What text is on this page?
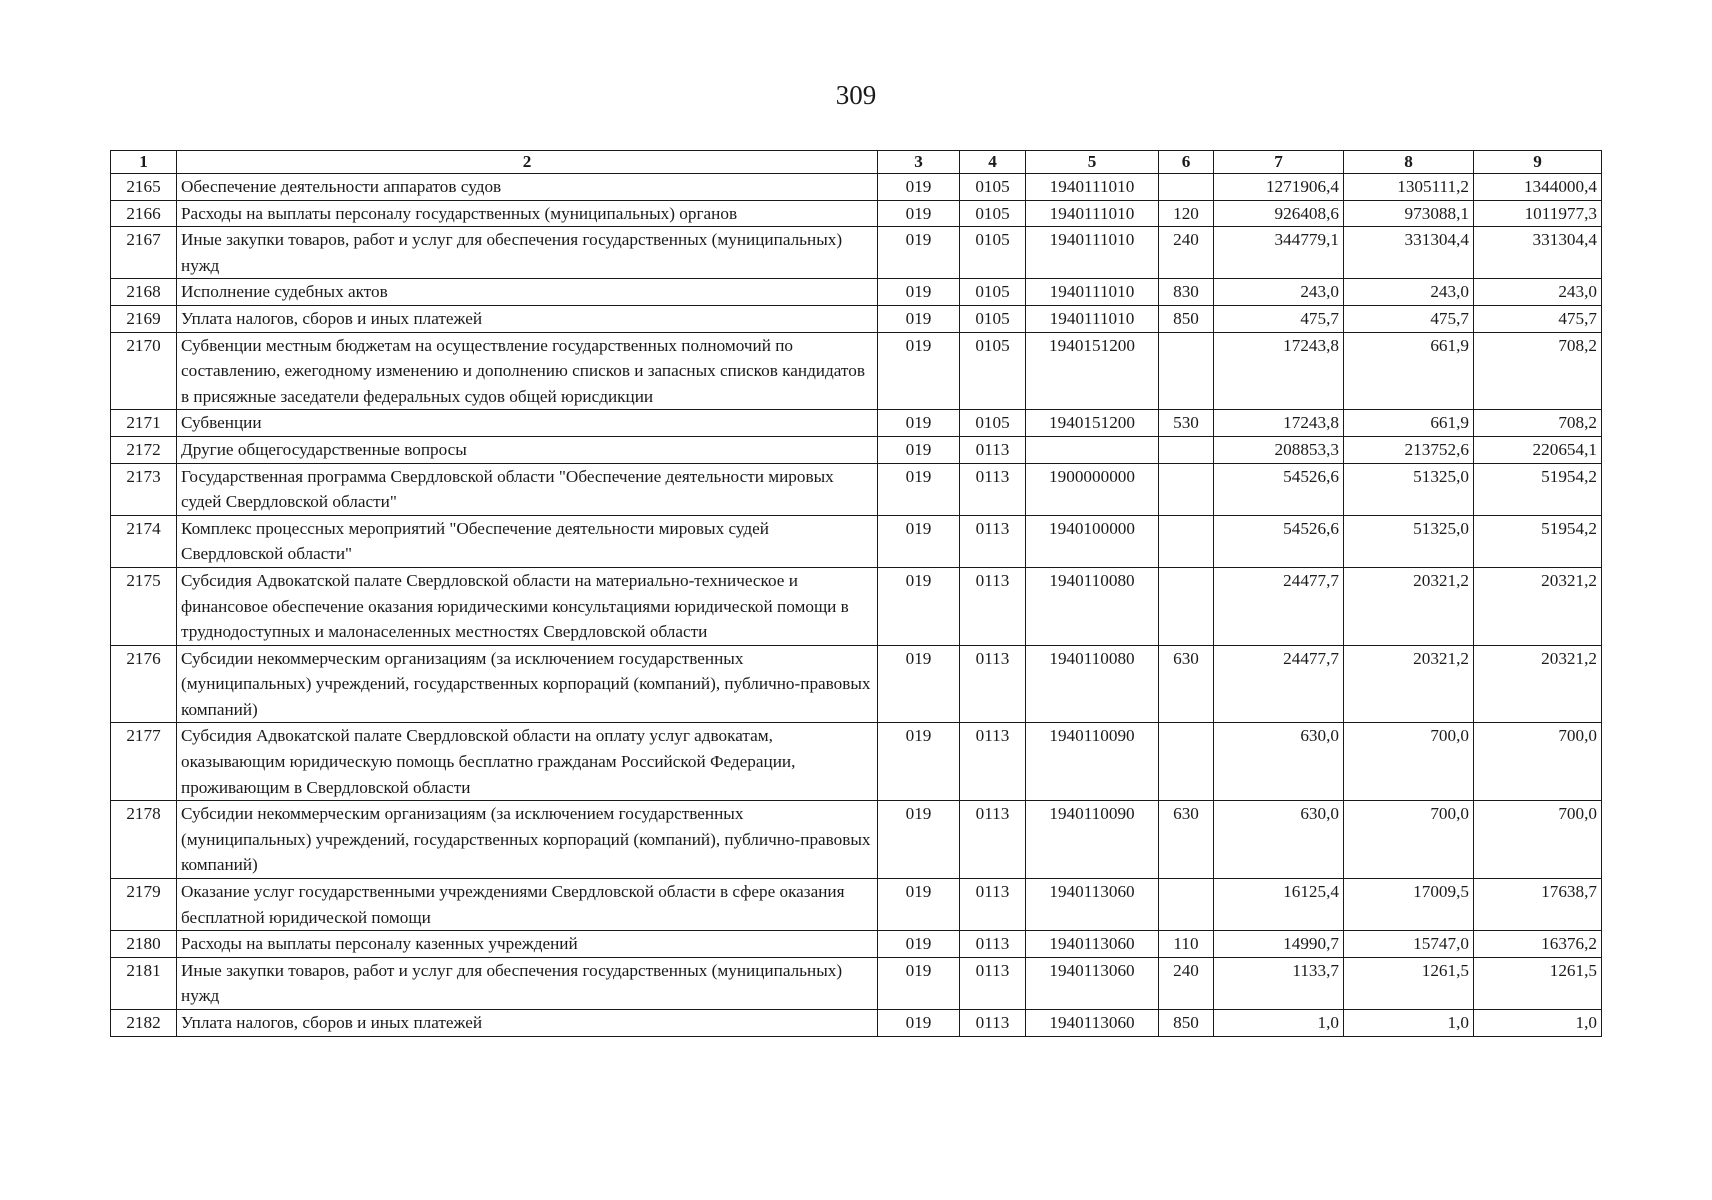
309
1	2	3	4	5	6	7	8	9
2165	Обеспечение деятельности аппаратов судов	019	0105	1940111010		1271906,4	1305111,2	1344000,4
2166	Расходы на выплаты персоналу государственных (муниципальных) органов	019	0105	1940111010	120	926408,6	973088,1	1011977,3
2167	Иные закупки товаров, работ и услуг для обеспечения государственных (муниципальных) нужд	019	0105	1940111010	240	344779,1	331304,4	331304,4
2168	Исполнение судебных актов	019	0105	1940111010	830	243,0	243,0	243,0
2169	Уплата налогов, сборов и иных платежей	019	0105	1940111010	850	475,7	475,7	475,7
2170	Субвенции местным бюджетам на осуществление государственных полномочий по составлению, ежегодному изменению и дополнению списков и запасных списков кандидатов в присяжные заседатели федеральных судов общей юрисдикции	019	0105	1940151200		17243,8	661,9	708,2
2171	Субвенции	019	0105	1940151200	530	17243,8	661,9	708,2
2172	Другие общегосударственные вопросы	019	0113			208853,3	213752,6	220654,1
2173	Государственная программа Свердловской области "Обеспечение деятельности мировых судей Свердловской области"	019	0113	1900000000		54526,6	51325,0	51954,2
2174	Комплекс процессных мероприятий "Обеспечение деятельности мировых судей Свердловской области"	019	0113	1940100000		54526,6	51325,0	51954,2
2175	Субсидия Адвокатской палате Свердловской области на материально-техническое и финансовое обеспечение оказания юридическими консультациями юридической помощи в труднодоступных и малонаселенных местностях Свердловской области	019	0113	1940110080		24477,7	20321,2	20321,2
2176	Субсидии некоммерческим организациям (за исключением государственных (муниципальных) учреждений, государственных корпораций (компаний), публично-правовых компаний)	019	0113	1940110080	630	24477,7	20321,2	20321,2
2177	Субсидия Адвокатской палате Свердловской области на оплату услуг адвокатам, оказывающим юридическую помощь бесплатно гражданам Российской Федерации, проживающим в Свердловской области	019	0113	1940110090		630,0	700,0	700,0
2178	Субсидии некоммерческим организациям (за исключением государственных (муниципальных) учреждений, государственных корпораций (компаний), публично-правовых компаний)	019	0113	1940110090	630	630,0	700,0	700,0
2179	Оказание услуг государственными учреждениями Свердловской области в сфере оказания бесплатной юридической помощи	019	0113	1940113060		16125,4	17009,5	17638,7
2180	Расходы на выплаты персоналу казенных учреждений	019	0113	1940113060	110	14990,7	15747,0	16376,2
2181	Иные закупки товаров, работ и услуг для обеспечения государственных (муниципальных) нужд	019	0113	1940113060	240	1133,7	1261,5	1261,5
2182	Уплата налогов, сборов и иных платежей	019	0113	1940113060	850	1,0	1,0	1,0
